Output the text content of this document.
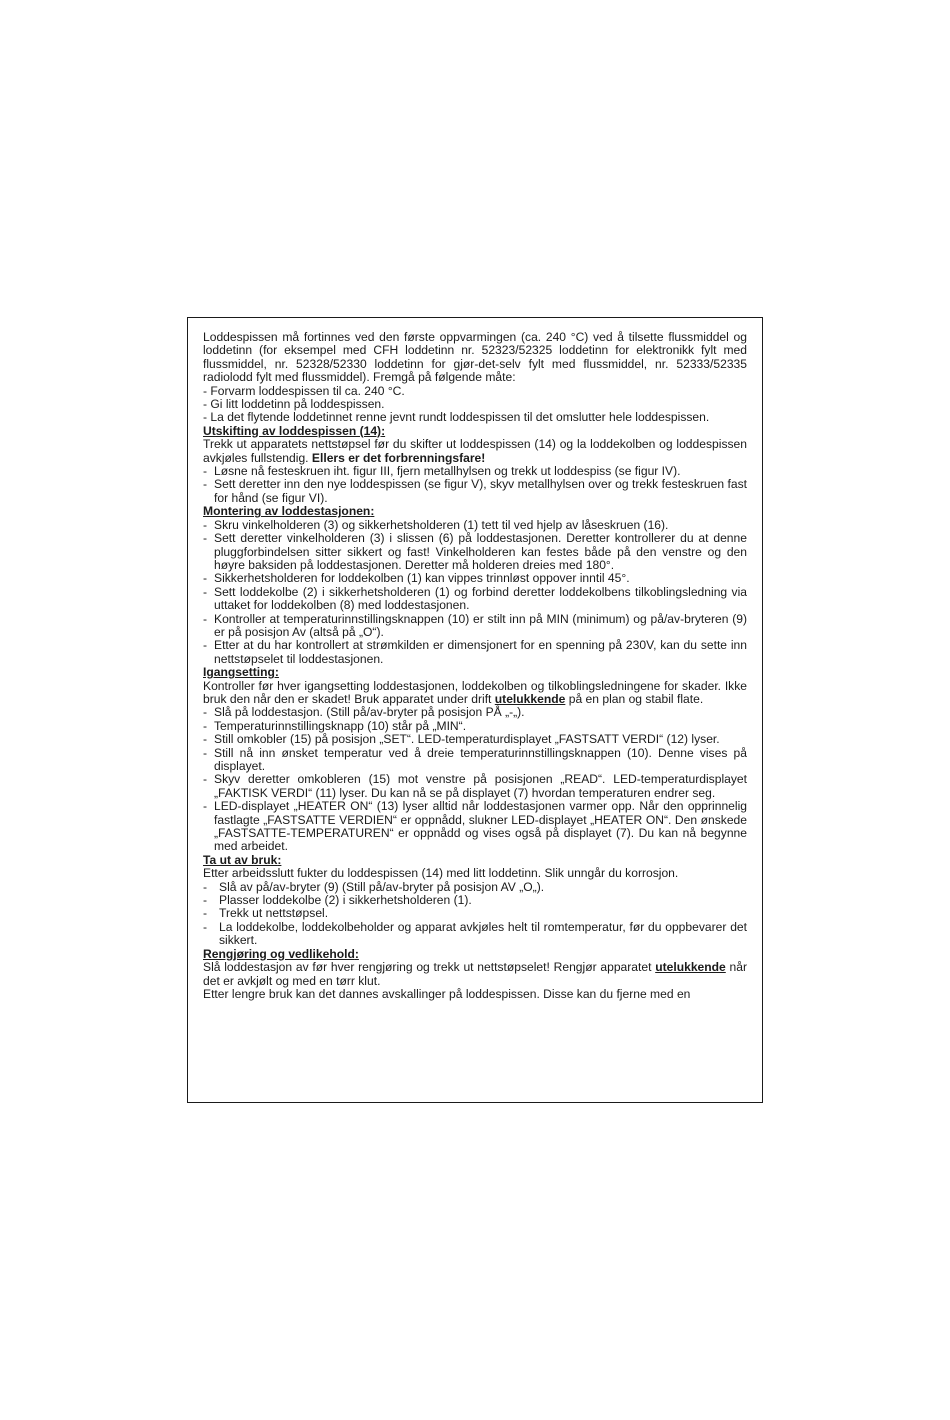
Loddespissen må fortinnes ved den første oppvarmingen (ca. 240 °C) ved å tilsette flussmiddel og loddetinn (for eksempel med CFH loddetinn nr. 52323/52325 loddetinn for elektronikk fylt med flussmiddel, nr. 52328/52330 loddetinn for gjør-det-selv fylt med flussmiddel, nr. 52333/52335 radiolodd fylt med flussmiddel). Fremgå på følgende måte:

- Forvarm loddespissen til ca. 240 °C.
- Gi litt loddetinn på loddespissen.
- La det flytende loddetinnet renne jevnt rundt loddespissen til det omslutter hele loddespissen.

Utskifting av loddespissen (14):

Trekk ut apparatets nettstøpsel før du skifter ut loddespissen (14) og la loddekolben og loddespissen avkjøles fullstendig. Ellers er det forbrenningsfare!

- Løsne nå festeskruen iht. figur III, fjern metallhylsen og trekk ut loddespiss (se figur IV).
- Sett deretter inn den nye loddespissen (se figur V), skyv metallhylsen over og trekk festeskruen fast for hånd (se figur VI).

Montering av loddestasjonen:

- Skru vinkelholderen (3) og sikkerhetsholderen (1) tett til ved hjelp av låseskruen (16).
- Sett deretter vinkelholderen (3) i slissen (6) på loddestasjonen. Deretter kontrollerer du at denne pluggforbindelsen sitter sikkert og fast! Vinkelholderen kan festes både på den venstre og den høyre baksiden på loddestasjonen. Deretter må holderen dreies med 180°.
- Sikkerhetsholderen for loddekolben (1) kan vippes trinnløst oppover inntil 45°.
- Sett loddekolbe (2) i sikkerhetsholderen (1) og forbind deretter loddekolbens tilkoblingsledning via uttaket for loddekolben (8) med loddestasjonen.
- Kontroller at temperaturinnstillingsknappen (10) er stilt inn på MIN (minimum) og på/av-bryteren (9) er på posisjon Av (altså på „O“).
- Etter at du har kontrollert at strømkilden er dimensjonert for en spenning på 230V, kan du sette inn nettstøpselet til loddestasjonen.

Igangsetting:

Kontroller før hver igangsetting loddestasjonen, loddekolben og tilkoblingsledningene for skader. Ikke bruk den når den er skadet! Bruk apparatet under drift utelukkende på en plan og stabil flate.

- Slå på loddestasjon. (Still på/av-bryter på posisjon PÅ „-„).
- Temperaturinnstillingsknapp (10) står på „MIN“.
- Still omkobler (15) på posisjon „SET“. LED-temperaturdisplayet „FASTSATT VERDI“ (12) lyser.
- Still nå inn ønsket temperatur ved å dreie temperaturinnstillingsknappen (10). Denne vises på displayet.
- Skyv deretter omkobleren (15) mot venstre på posisjonen „READ“. LED-temperaturdisplayet „FAKTISK VERDI“ (11) lyser. Du kan nå se på displayet (7) hvordan temperaturen endrer seg.
- LED-displayet „HEATER ON“ (13) lyser alltid når loddestasjonen varmer opp. Når den opprinnelig fastlagte „FASTSATTE VERDIEN“ er oppnådd, slukner LED-displayet „HEATER ON“. Den ønskede „FASTSATTE-TEMPERATUREN“ er oppnådd og vises også på displayet (7). Du kan nå begynne med arbeidet.

Ta ut av bruk:

Etter arbeidsslutt fukter du loddespissen (14) med litt loddetinn. Slik unngår du korrosjon.

- Slå av på/av-bryter (9) (Still på/av-bryter på posisjon AV „O„).
- Plasser loddekolbe (2) i sikkerhetsholderen (1).
- Trekk ut nettstøpsel.
- La loddekolbe, loddekolbeholder og apparat avkjøles helt til romtemperatur, før du oppbevarer det sikkert.

Rengjøring og vedlikehold:

Slå loddestasjon av før hver rengjøring og trekk ut nettstøpselet! Rengjør apparatet utelukkende når det er avkjølt og med en tørr klut.

Etter lengre bruk kan det dannes avskallinger på loddespissen. Disse kan du fjerne med en
